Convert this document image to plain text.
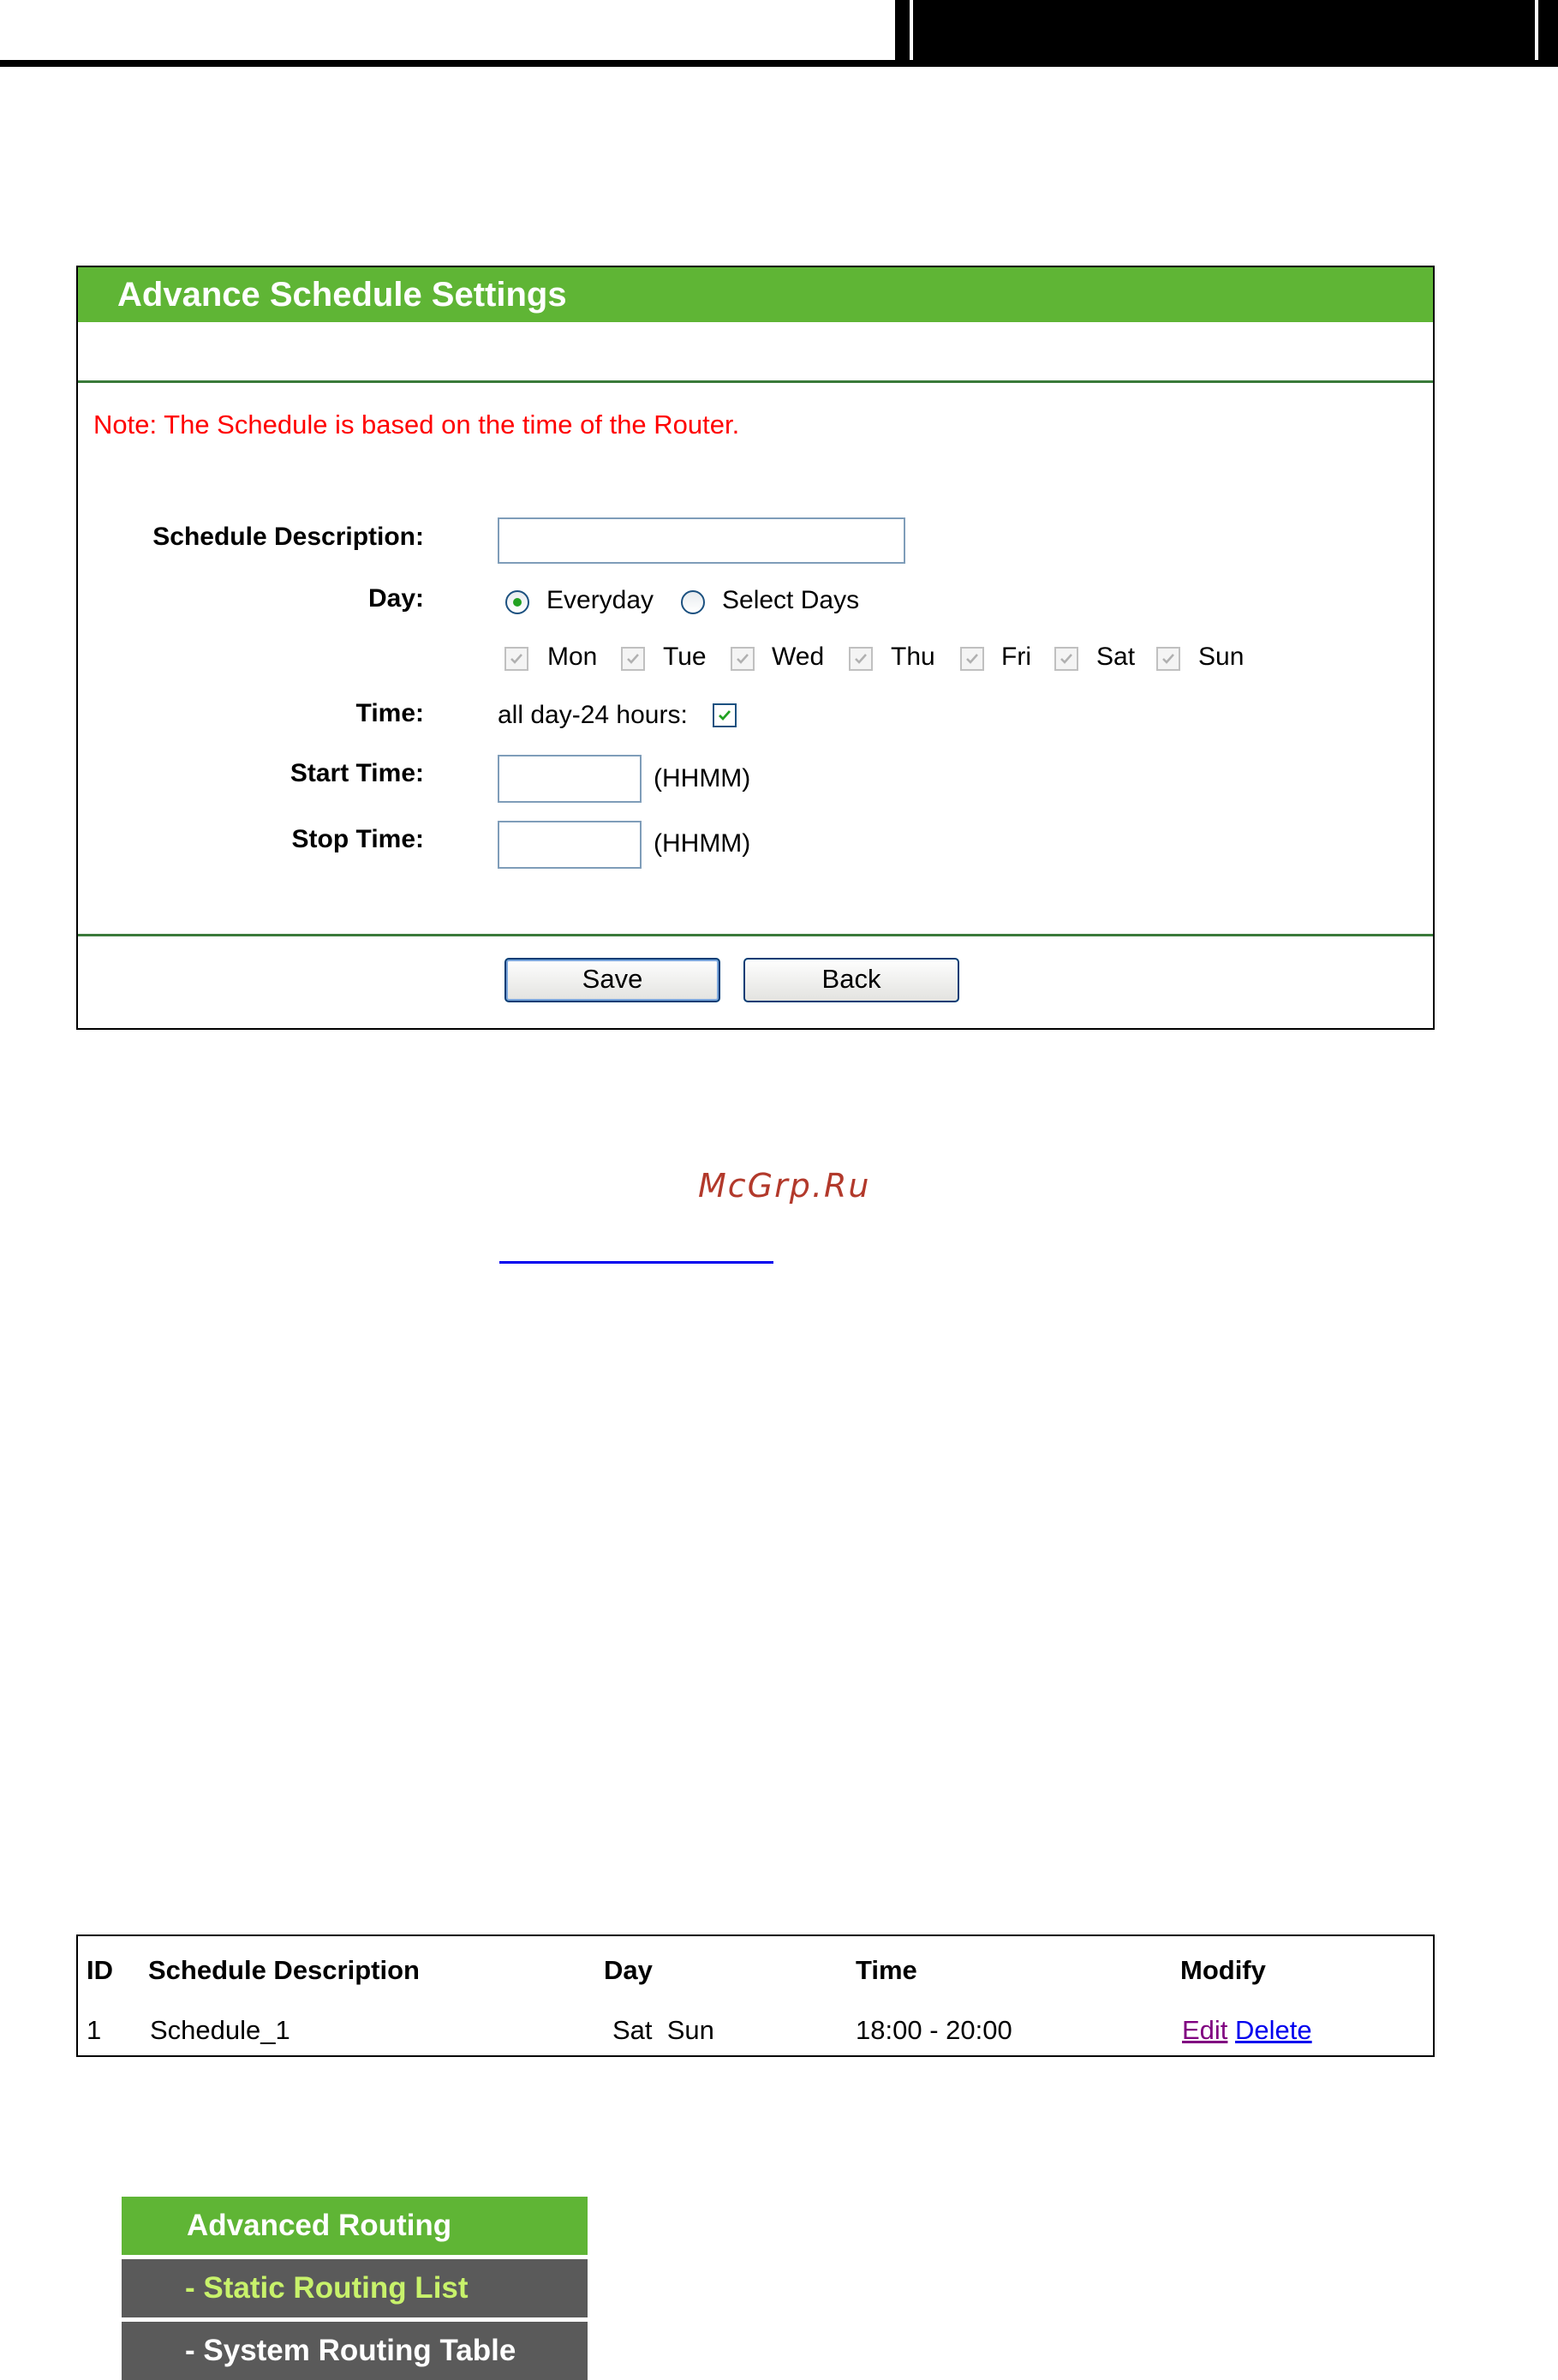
Advance Schedule Settings
Note: The Schedule is based on the time of the Router.
Schedule Description:
Day:	Everyday	Select Days
Mon	Tue	Wed	Thu	Fri	Sat Sun
Time:	all day-24 hours:
Start Time:	(HHMM)
Stop Time:	(HHMM)
Save	Back
McGrp.Ru
ID Schedule Description	Day	Time	Modify
1 Schedule_1	Sat  Sun	18:00 - 20:00	Edit Delete
Advanced Routing
- Static Routing List
- System Routing Table
